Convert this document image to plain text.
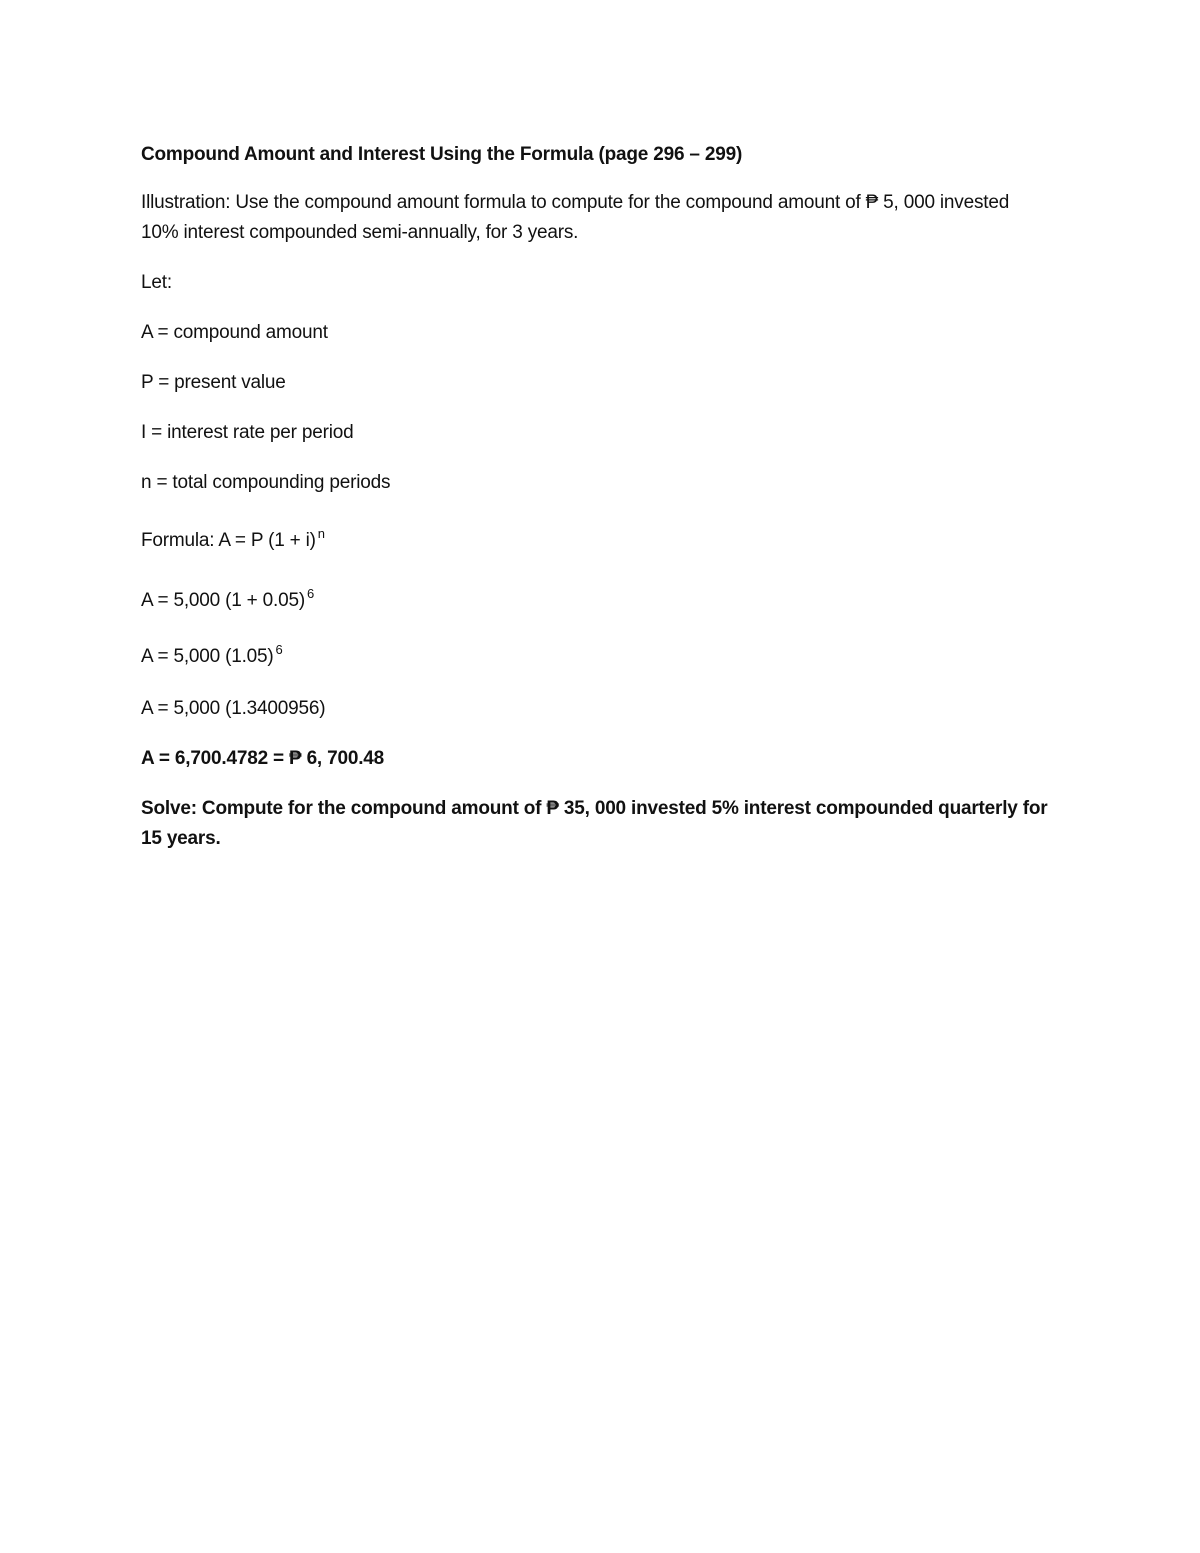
Compound Amount and Interest Using the Formula (page 296 – 299)
Illustration: Use the compound amount formula to compute for the compound amount of ₱ 5, 000 invested 10% interest compounded semi-annually, for 3 years.
Let:
A = compound amount
P = present value
I = interest rate per period
n = total compounding periods
Formula: A = P (1 + i) $^n$
A = 5,000 (1 + 0.05) $^6$
A = 5,000 (1.05) $^6$
A = 5,000 (1.3400956)
A = 6,700.4782 = ₱ 6, 700.48
Solve: Compute for the compound amount of ₱ 35, 000 invested 5% interest compounded quarterly for 15 years.
